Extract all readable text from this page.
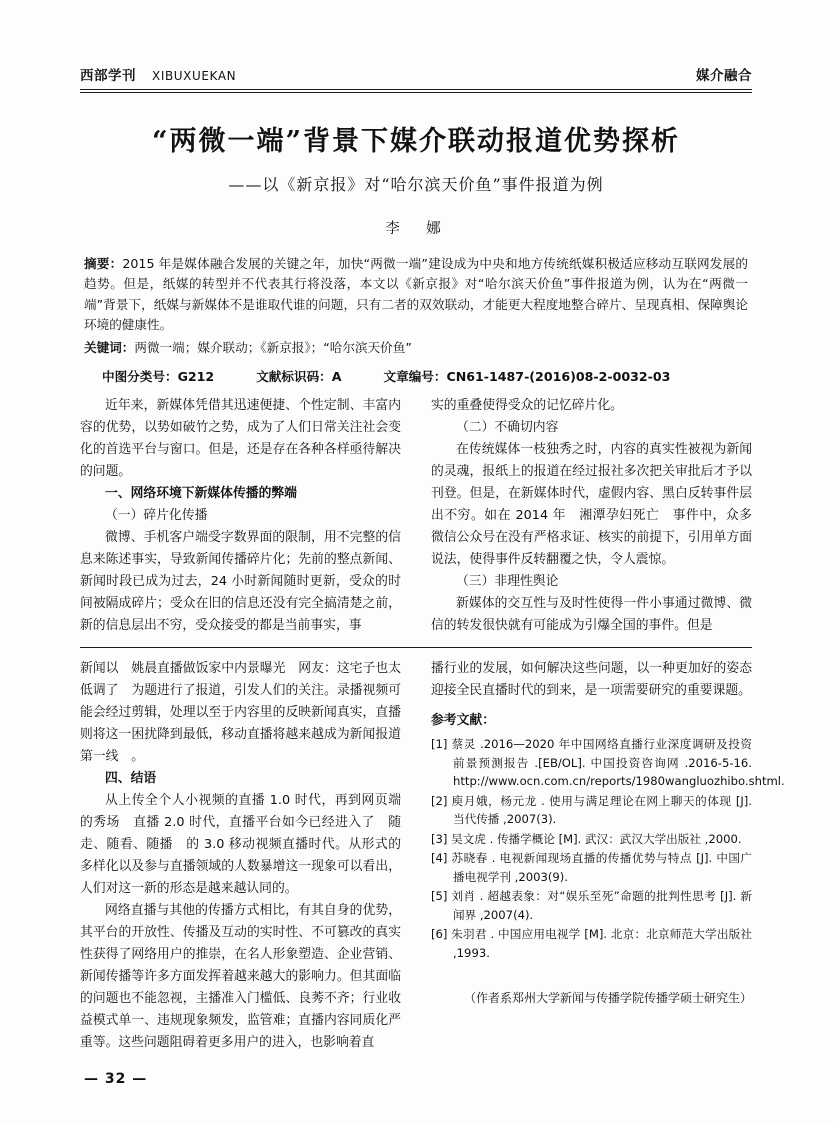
西部学刊 XIBUXUEKAN	媒介融合
“两微一端”背景下媒介联动报道优势探析
——以《新京报》对“哈尔滨天价鱼”事件报道为例
李　娜

摘要：2015 年是媒体融合发展的关键之年，加快“两微一端”建设成为中央和地方传统纸媒积极适应移动互联网发展的趋势。但是，纸媒的转型并不代表其行将没落，本文以《新京报》对“哈尔滨天价鱼”事件报道为例，认为在“两微一端”背景下，纸媒与新媒体不是谁取代谁的问题，只有二者的双效联动，才能更大程度地整合碎片、呈现真相、保障舆论环境的健康性。

关键词：两微一端；媒介联动；《新京报》；“哈尔滨天价鱼”

中图分类号：G212	文献标识码：A	文章编号：CN61-1487-(2016)08-2-0032-03

近年来，新媒体凭借其迅速便捷、个性定制、丰富内容的优势，以势如破竹之势，成为了人们日常关注社会变化的首选平台与窗口。但是，还是存在各种各样亟待解决的问题。

一、网络环境下新媒体传播的弊端
（一）碎片化传播

微博、手机客户端受字数界面的限制，用不完整的信息来陈述事实，导致新闻传播碎片化；先前的整点新闻、新闻时段已成为过去，24 小时新闻随时更新，受众的时间被隔成碎片；受众在旧的信息还没有完全搞清楚之前，新的信息层出不穷，受众接受的都是当前事实，事

实的重叠使得受众的记忆碎片化。

（二）不确切内容

在传统媒体一枝独秀之时，内容的真实性被视为新闻的灵魂，报纸上的报道在经过报社多次把关审批后才予以刊登。但是，在新媒体时代，虚假内容、黑白反转事件层出不穷。如在 2014 年　湘潭孕妇死亡　事件中，众多微信公众号在没有严格求证、核实的前提下，引用单方面说法，使得事件反转翻覆之快，令人震惊。

（三）非理性舆论

新媒体的交互性与及时性使得一件小事通过微博、微信的转发很快就有可能成为引爆全国的事件。但是

新闻以　姚晨直播做饭家中内景曝光　网友：这宅子也太低调了　为题进行了报道，引发人们的关注。录播视频可能会经过剪辑，处理以至于内容里的反映新闻真实，直播则将这一困扰降到最低，移动直播将越来越成为新闻报道　第一线　。

四、结语

从上传全个人小视频的直播 1.0 时代，再到网页端的秀场　直播 2.0 时代，直播平台如今已经进入了　随走、随看、随播　的 3.0 移动视频直播时代。从形式的多样化以及参与直播领域的人数暴增这一现象可以看出，人们对这一新的形态是越来越认同的。

网络直播与其他的传播方式相比，有其自身的优势，其平台的开放性、传播及互动的实时性、不可篡改的真实性获得了网络用户的推崇，在名人形象塑造、企业营销、新闻传播等许多方面发挥着越来越大的影响力。但其面临的问题也不能忽视，主播准入门槛低、良莠不齐；行业收益模式单一、违规现象频发，监管难；直播内容同质化严重等。这些问题阻碍着更多用户的进入，也影响着直

播行业的发展，如何解决这些问题，以一种更加好的姿态迎接全民直播时代的到来，是一项需要研究的重要课题。

参考文献：
[1] 蔡灵 .2016—2020 年中国网络直播行业深度调研及投资前景预测报告 .[EB/OL]. 中国投资咨询网 .2016-5-16. http://www.ocn.com.cn/reports/1980wangluozhibo.shtml.
[2] 庾月娥，杨元龙 . 使用与满足理论在网上聊天的体现 [J]. 当代传播 ,2007(3).
[3] 吴文虎 . 传播学概论 [M]. 武汉：武汉大学出版社 ,2000.
[4] 苏晓春 . 电视新闻现场直播的传播优势与特点 [J]. 中国广播电视学刊 ,2003(9).
[5] 刘肖 . 超越表象：对“娱乐至死”命题的批判性思考 [J]. 新闻界 ,2007(4).
[6] 朱羽君 . 中国应用电视学 [M]. 北京：北京师范大学出版社 ,1993.
（作者系郑州大学新闻与传播学院传播学硕士研究生）
— 32 —
